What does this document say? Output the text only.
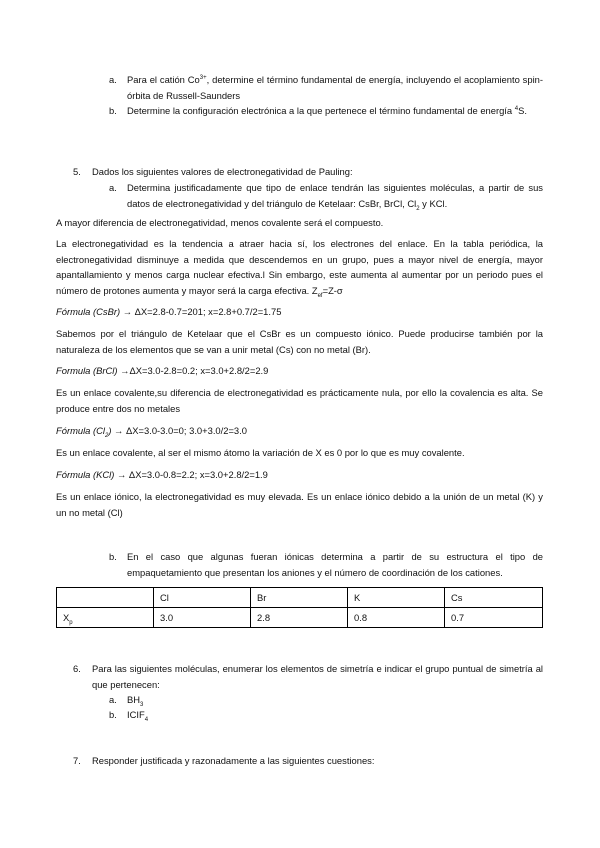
a. Para el catión $Co^{3+}$, determine el término fundamental de energía, incluyendo el acoplamiento spin-órbita de Russell-Saunders
b. Determine la configuración electrónica a la que pertenece el término fundamental de energía $^4$S.
5. Dados los siguientes valores de electronegatividad de Pauling:
a. Determina justificadamente que tipo de enlace tendrán las siguientes moléculas, a partir de sus datos de electronegatividad y del triángulo de Ketelaar: CsBr, BrCl, $Cl_2$ y KCl.
A mayor diferencia de electronegatividad, menos covalente será el compuesto.
La electronegatividad es la tendencia a atraer hacia sí, los electrones del enlace. En la tabla periódica, la electronegatividad disminuye a medida que descendemos en un grupo, pues a mayor nivel de energía, mayor apantallamiento y menos carga nuclear efectiva.l Sin embargo, este aumenta al aumentar por un periodo pues el número de protones aumenta y mayor será la carga efectiva. $Z_{ef}=Z-\sigma$
Fórmula (CsBr) → ΔX=2.8-0.7=201; x=2.8+0.7/2=1.75
Sabemos por el triángulo de Ketelaar que el CsBr es un compuesto iónico. Puede producirse también por la naturaleza de los elementos que se van a unir metal (Cs) con no metal (Br).
Formula (BrCl) →ΔX=3.0-2.8=0.2; x=3.0+2.8/2=2.9
Es un enlace covalente,su diferencia de electronegatividad es prácticamente nula, por ello la covalencia es alta. Se produce entre dos no metales
Fórmula $(Cl_2) \to \Delta X=3.0-3.0=0$; 3.0+3.0/2=3.0
Es un enlace covalente, al ser el mismo átomo la variación de X es 0 por lo que es muy covalente.
Fórmula (KCl) → ΔX=3.0-0.8=2.2; x=3.0+2.8/2=1.9
Es un enlace iónico, la electronegatividad es muy elevada. Es un enlace iónico debido a la unión de un metal (K) y un no metal (Cl)
b. En el caso que algunas fueran iónicas determina a partir de su estructura el tipo de empaquetamiento que presentan los aniones y el número de coordinación de los cationes.
	Cl	Br	K	Cs
$X_p$	3.0	2.8	0.8	0.7
6. Para las siguientes moléculas, enumerar los elementos de simetría e indicar el grupo puntual de simetría al que pertenecen:
a. $BH_3$
b. $ICIF_4$
7. Responder justificada y razonadamente a las siguientes cuestiones:
